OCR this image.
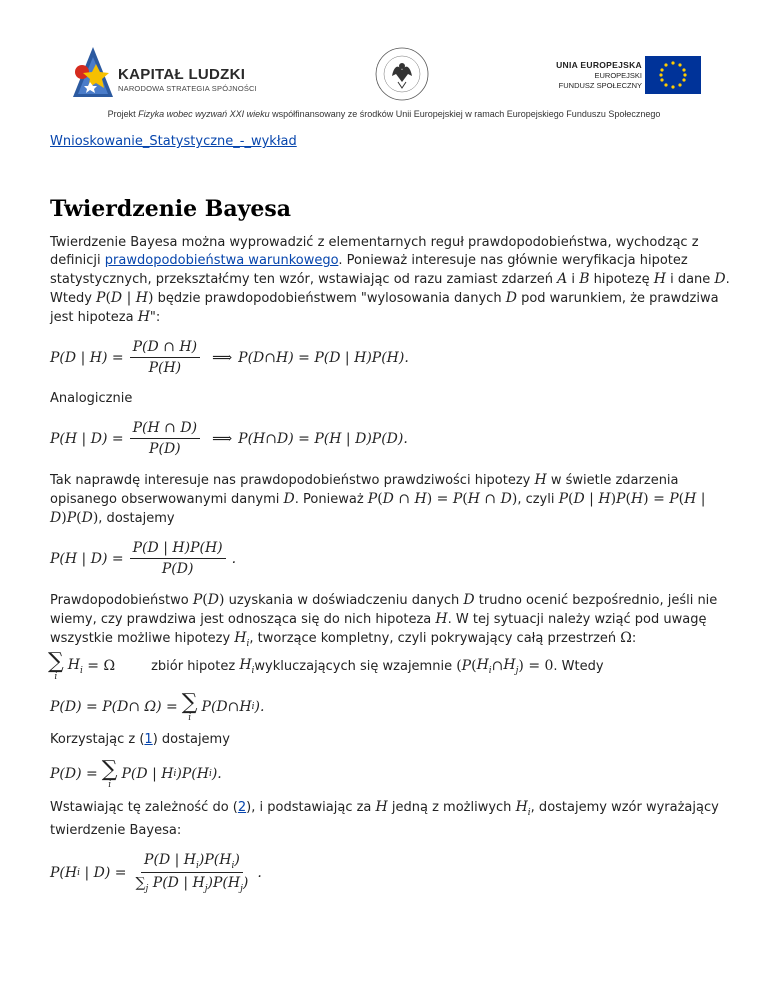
KAPITAŁ LUDZKI
NARODOWA STRATEGIA SPÓJNOŚCI
UNIA EUROPEJSKA
EUROPEJSKI
FUNDUSZ SPOŁECZNY
Projekt Fizyka wobec wyzwań XXI wieku współfinansowany ze środków Unii Europejskiej w ramach Europejskiego Funduszu Społecznego

Wnioskowanie_Statystyczne_-_wykład

Twierdzenie Bayesa

Twierdzenie Bayesa można wyprowadzić z elementarnych reguł prawdopodobieństwa, wychodząc z definicji prawdopodobieństwa warunkowego. Ponieważ interesuje nas głównie weryfikacja hipotez statystycznych, przekształćmy ten wzór, wstawiając od razu zamiast zdarzeń A i B hipotezę H i dane D. Wtedy P(D | H) będzie prawdopodobieństwem "wylosowania danych D pod warunkiem, że prawdziwa jest hipoteza H":

P ( D | H ) = $\frac{P(D \cap H)}{P(H)}$ ⟹ P ( D ∩ H ) = P ( D | H ) P ( H ).

Analogicznie

P ( H | D ) = $\frac{P(H \cap D)}{P(D)}$ ⟹ P ( H ∩ D ) = P ( H | D ) P ( D ).

Tak naprawdę interesuje nas prawdopodobieństwo prawdziwości hipotezy H w świetle zdarzenia opisanego obserwowanymi danymi D. Ponieważ P(D ∩ H) = P(H ∩ D), czyli P(D | H)P(H) = P(H | D)P(D), dostajemy

P ( H | D ) = $\frac{P(D | H)P(H)}{P(D)}$ .

Prawdopodobieństwo P(D) uzyskania w doświadczeniu danych D trudno ocenić bezpośrednio, jeśli nie wiemy, czy prawdziwa jest odnosząca się do nich hipoteza H. W tej sytuacji należy wziąć pod uwagę wszystkie możliwe hipotezy $H_i$, tworzące kompletny, czyli pokrywający całą przestrzeń Ω:

∑
i
$H_i = \Omega$	zbiór hipotez
$H_i$ wykluczających się wzajemnie
( P ( $H_i$ ∩ $H_j$ ) = 0 . Wtedy
P ( D ) = P ( D ∩ Ω) = ∑
i
P ( D ∩ H i ).

Korzystając z (1) dostajemy

P ( D ) = ∑
i
P ( D | H i ) P ( H i ).

Wstawiając tę zależność do (2), i podstawiając za H jedną z możliwych $H_i$, dostajemy wzór wyrażający twierdzenie Bayesa:

P ( H i | D ) = $\frac{P(D | H_i)P(H_i)}{\sum_j P(D | H_j)P(H_j)}$ .
